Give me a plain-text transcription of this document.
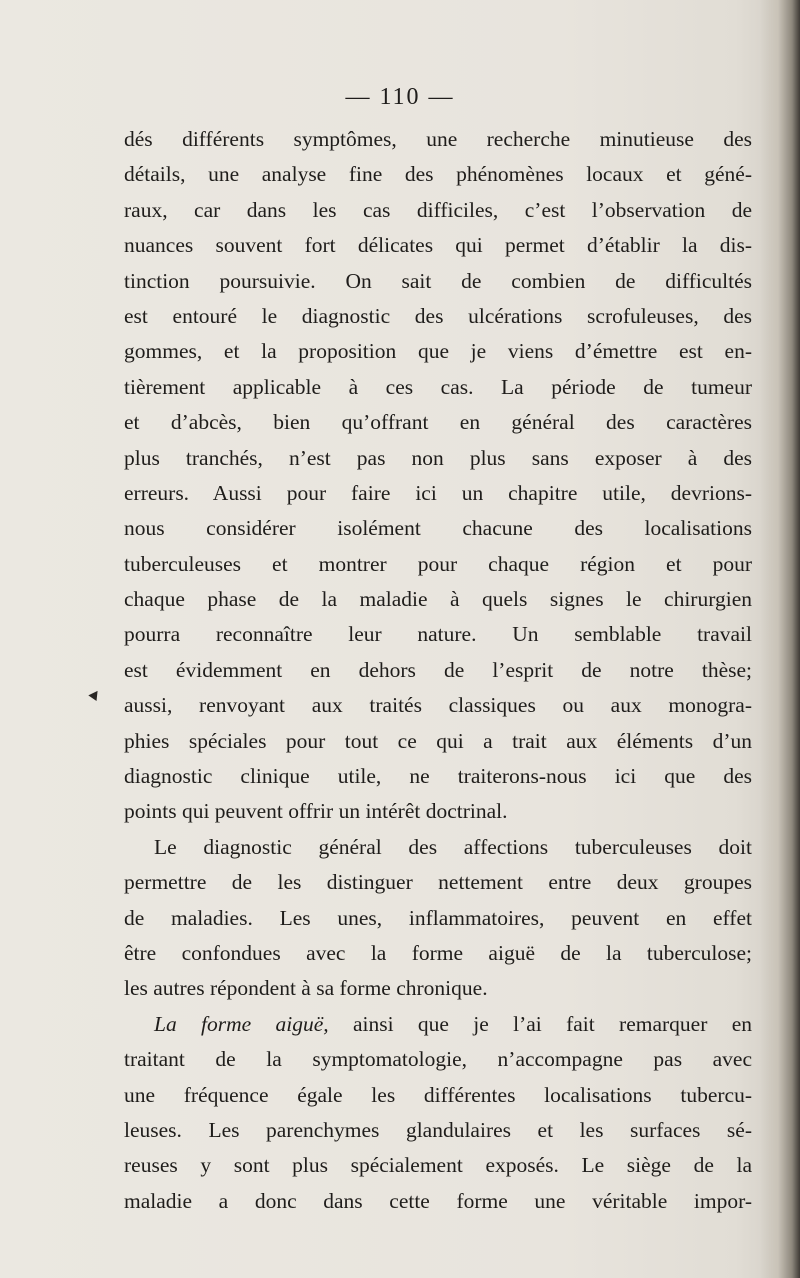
— 110 —
dés différents symptômes, une recherche minutieuse des
détails, une analyse fine des phénomènes locaux et géné-
raux, car dans les cas difficiles, c’est l’observation de
nuances souvent fort délicates qui permet d’établir la dis-
tinction poursuivie. On sait de combien de difficultés
est entouré le diagnostic des ulcérations scrofuleuses, des
gommes, et la proposition que je viens d’émettre est en-
tièrement applicable à ces cas. La période de tumeur
et d’abcès, bien qu’offrant en général des caractères
plus tranchés, n’est pas non plus sans exposer à des
erreurs. Aussi pour faire ici un chapitre utile, devrions-
nous considérer isolément chacune des localisations
tuberculeuses et montrer pour chaque région et pour
chaque phase de la maladie à quels signes le chirurgien
pourra reconnaître leur nature. Un semblable travail
est évidemment en dehors de l’esprit de notre thèse;
aussi, renvoyant aux traités classiques ou aux monogra-
phies spéciales pour tout ce qui a trait aux éléments d’un
diagnostic clinique utile, ne traiterons-nous ici que des
points qui peuvent offrir un intérêt doctrinal.
Le diagnostic général des affections tuberculeuses doit
permettre de les distinguer nettement entre deux groupes
de maladies. Les unes, inflammatoires, peuvent en effet
être confondues avec la forme aiguë de la tuberculose;
les autres répondent à sa forme chronique.
La forme aiguë, ainsi que je l’ai fait remarquer en
traitant de la symptomatologie, n’accompagne pas avec
une fréquence égale les différentes localisations tubercu-
leuses. Les parenchymes glandulaires et les surfaces sé-
reuses y sont plus spécialement exposés. Le siège de la
maladie a donc dans cette forme une véritable impor-
